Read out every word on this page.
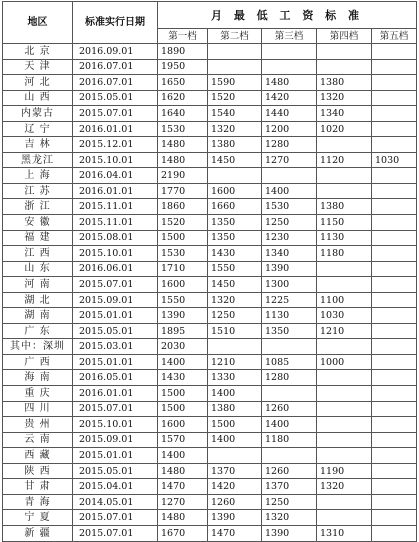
地区	标准实行日期	月 最 低 工 资 标 准				
		第一档	第二档	第三档	第四档	第五档
北 京	2016.09.01	1890				
天 津	2016.07.01	1950				
河 北	2016.07.01	1650	1590	1480	1380	
山 西	2015.05.01	1620	1520	1420	1320	
内蒙古	2015.07.01	1640	1540	1440	1340	
辽 宁	2016.01.01	1530	1320	1200	1020	
吉 林	2015.12.01	1480	1380	1280		
黑龙江	2015.10.01	1480	1450	1270	1120	1030
上 海	2016.04.01	2190				
江 苏	2016.01.01	1770	1600	1400		
浙 江	2015.11.01	1860	1660	1530	1380	
安 徽	2015.11.01	1520	1350	1250	1150	
福 建	2015.08.01	1500	1350	1230	1130	
江 西	2015.10.01	1530	1430	1340	1180	
山 东	2016.06.01	1710	1550	1390		
河 南	2015.07.01	1600	1450	1300		
湖 北	2015.09.01	1550	1320	1225	1100	
湖 南	2015.01.01	1390	1250	1130	1030	
广 东	2015.05.01	1895	1510	1350	1210	
其中：深圳	2015.03.01	2030				
广 西	2015.01.01	1400	1210	1085	1000	
海 南	2016.05.01	1430	1330	1280		
重 庆	2016.01.01	1500	1400			
四 川	2015.07.01	1500	1380	1260		
贵 州	2015.10.01	1600	1500	1400		
云 南	2015.09.01	1570	1400	1180		
西 藏	2015.01.01	1400				
陕 西	2015.05.01	1480	1370	1260	1190	
甘 肃	2015.04.01	1470	1420	1370	1320	
青 海	2014.05.01	1270	1260	1250		
宁 夏	2015.07.01	1480	1390	1320		
新 疆	2015.07.01	1670	1470	1390	1310	
